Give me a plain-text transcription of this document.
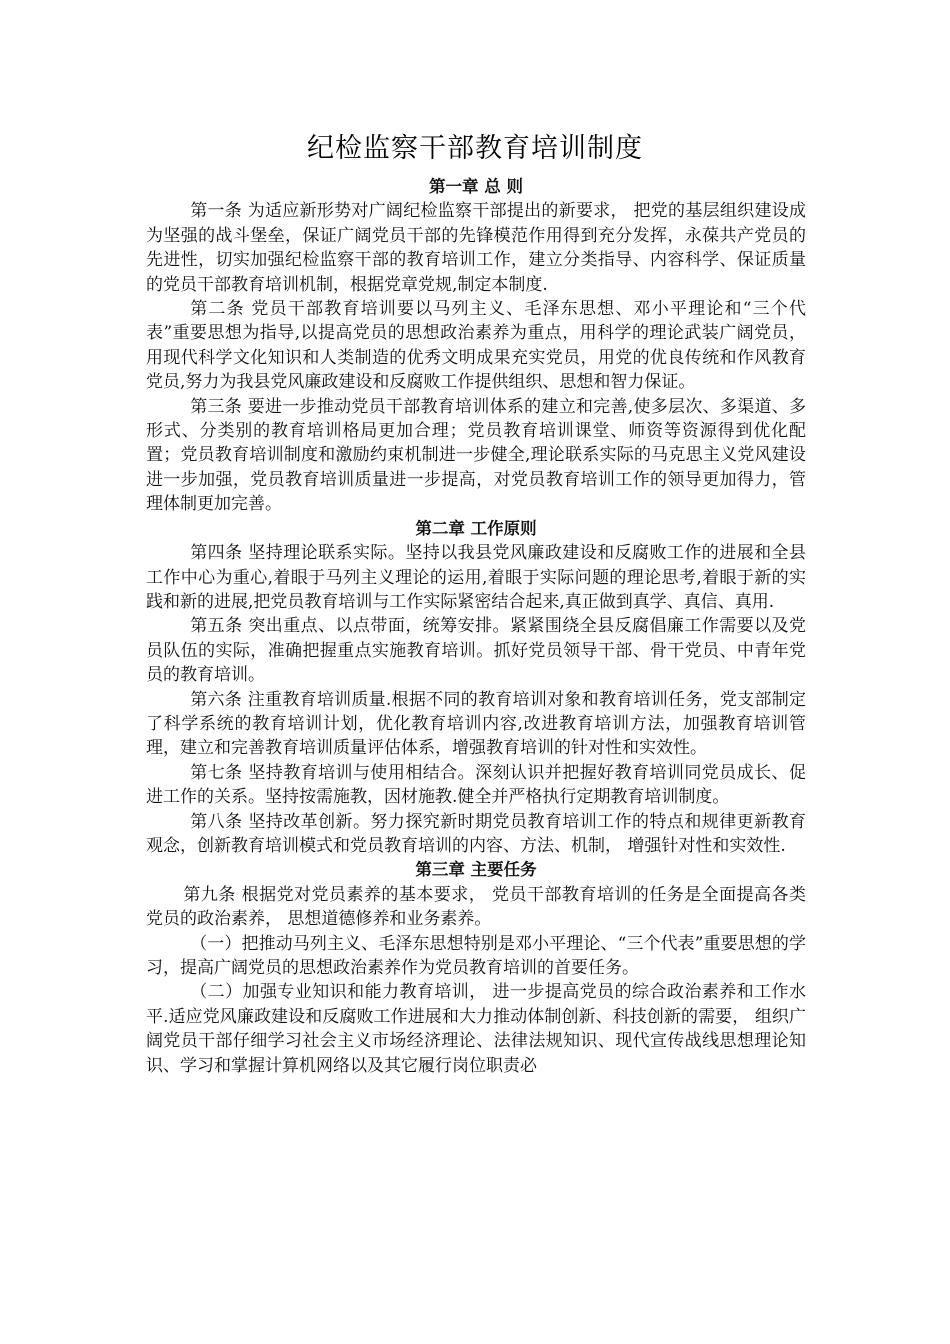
纪检监察干部教育培训制度

第一章 总 则

第一条 为适应新形势对广阔纪检监察干部提出的新要求， 把党的基层组织建设成为坚强的战斗堡垒，保证广阔党员干部的先锋模范作用得到充分发挥，永葆共产党员的先进性，切实加强纪检监察干部的教育培训工作，建立分类指导、内容科学、保证质量的党员干部教育培训机制，根据党章党规,制定本制度.

第二条 党员干部教育培训要以马列主义、毛泽东思想、邓小平理论和“三个代表”重要思想为指导,以提高党员的思想政治素养为重点，用科学的理论武装广阔党员，用现代科学文化知识和人类制造的优秀文明成果充实党员，用党的优良传统和作风教育党员,努力为我县党风廉政建设和反腐败工作提供组织、思想和智力保证。

第三条 要进一步推动党员干部教育培训体系的建立和完善,使多层次、多渠道、多形式、分类别的教育培训格局更加合理；党员教育培训课堂、师资等资源得到优化配置；党员教育培训制度和激励约束机制进一步健全,理论联系实际的马克思主义党风建设进一步加强，党员教育培训质量进一步提高，对党员教育培训工作的领导更加得力，管理体制更加完善。

第二章 工作原则

第四条 坚持理论联系实际。坚持以我县党风廉政建设和反腐败工作的进展和全县工作中心为重心,着眼于马列主义理论的运用,着眼于实际问题的理论思考,着眼于新的实践和新的进展,把党员教育培训与工作实际紧密结合起来,真正做到真学、真信、真用.

第五条 突出重点、以点带面，统筹安排。紧紧围绕全县反腐倡廉工作需要以及党员队伍的实际，准确把握重点实施教育培训。抓好党员领导干部、骨干党员、中青年党员的教育培训。

第六条 注重教育培训质量.根据不同的教育培训对象和教育培训任务，党支部制定了科学系统的教育培训计划，优化教育培训内容,改进教育培训方法，加强教育培训管理，建立和完善教育培训质量评估体系，增强教育培训的针对性和实效性。

第七条 坚持教育培训与使用相结合。深刻认识并把握好教育培训同党员成长、促进工作的关系。坚持按需施教，因材施教.健全并严格执行定期教育培训制度。

第八条 坚持改革创新。努力探究新时期党员教育培训工作的特点和规律更新教育观念，创新教育培训模式和党员教育培训的内容、方法、机制， 增强针对性和实效性.

第三章 主要任务

第九条 根据党对党员素养的基本要求， 党员干部教育培训的任务是全面提高各类党员的政治素养， 思想道德修养和业务素养。

（一）把推动马列主义、毛泽东思想特别是邓小平理论、“三个代表”重要思想的学习，提高广阔党员的思想政治素养作为党员教育培训的首要任务。

（二）加强专业知识和能力教育培训， 进一步提高党员的综合政治素养和工作水平.适应党风廉政建设和反腐败工作进展和大力推动体制创新、科技创新的需要， 组织广阔党员干部仔细学习社会主义市场经济理论、法律法规知识、现代宣传战线思想理论知识、学习和掌握计算机网络以及其它履行岗位职责必
